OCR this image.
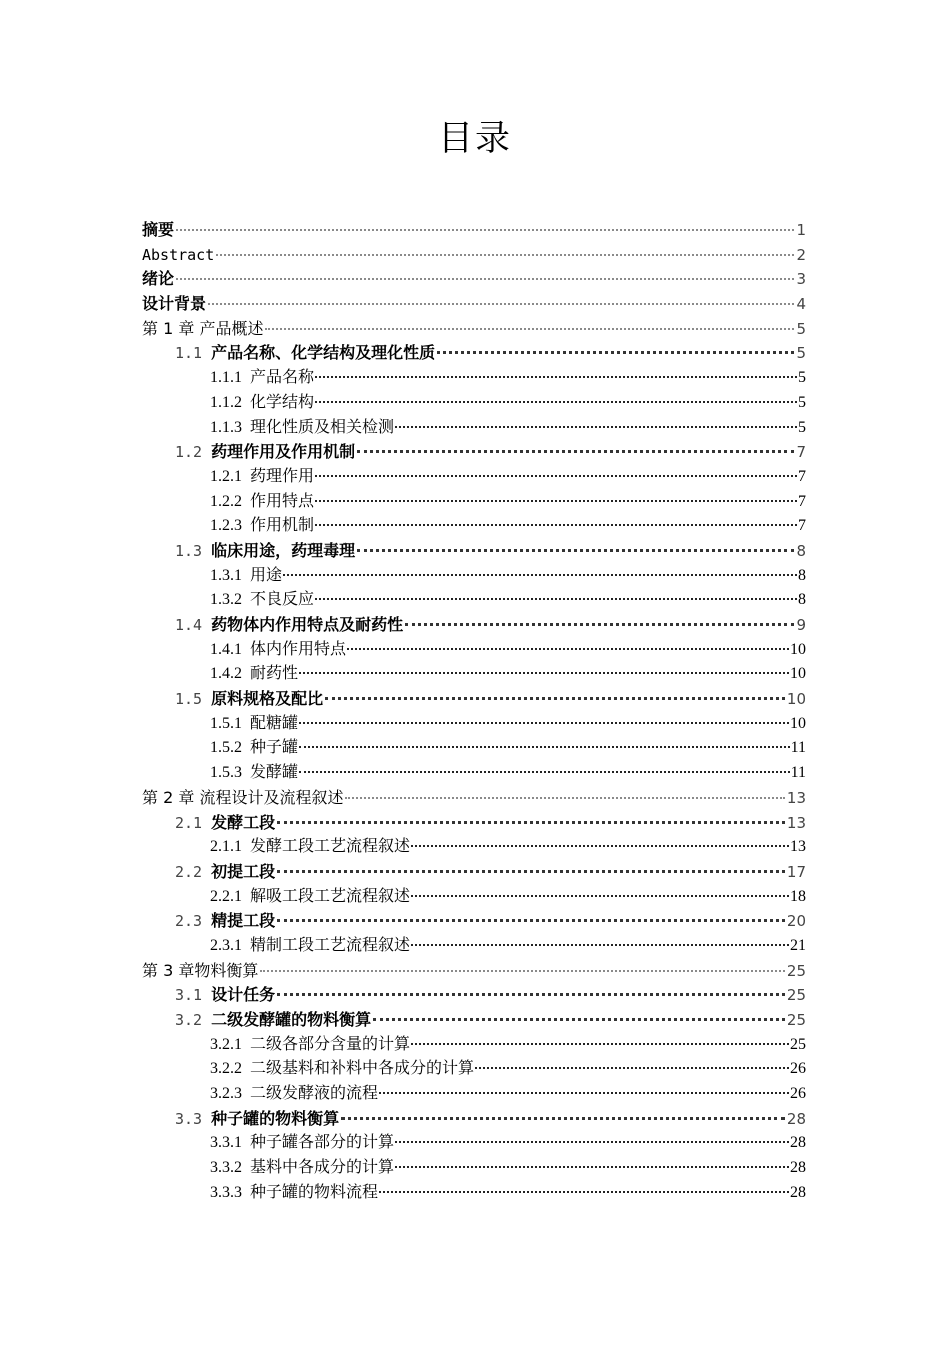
目录
摘要	1
Abstract	2
绪论	3
设计背景	4
第 1 章 产品概述	5
1.1 产品名称、化学结构及理化性质	5
1.1.1 产品名称	5
1.1.2 化学结构	5
1.1.3 理化性质及相关检测	5
1.2 药理作用及作用机制	7
1.2.1 药理作用	7
1.2.2 作用特点	7
1.2.3 作用机制	7
1.3 临床用途，药理毒理	8
1.3.1 用途	8
1.3.2 不良反应	8
1.4 药物体内作用特点及耐药性	9
1.4.1 体内作用特点	10
1.4.2 耐药性	10
1.5 原料规格及配比	10
1.5.1 配糖罐	10
1.5.2 种子罐	11
1.5.3 发酵罐	11
第 2 章 流程设计及流程叙述	13
2.1 发酵工段	13
2.1.1 发酵工段工艺流程叙述	13
2.2 初提工段	17
2.2.1 解吸工段工艺流程叙述	18
2.3 精提工段	20
2.3.1 精制工段工艺流程叙述	21
第 3 章物料衡算	25
3.1 设计任务	25
3.2 二级发酵罐的物料衡算	25
3.2.1 二级各部分含量的计算	25
3.2.2 二级基料和补料中各成分的计算	26
3.2.3 二级发酵液的流程	26
3.3 种子罐的物料衡算	28
3.3.1 种子罐各部分的计算	28
3.3.2 基料中各成分的计算	28
3.3.3 种子罐的物料流程	28
